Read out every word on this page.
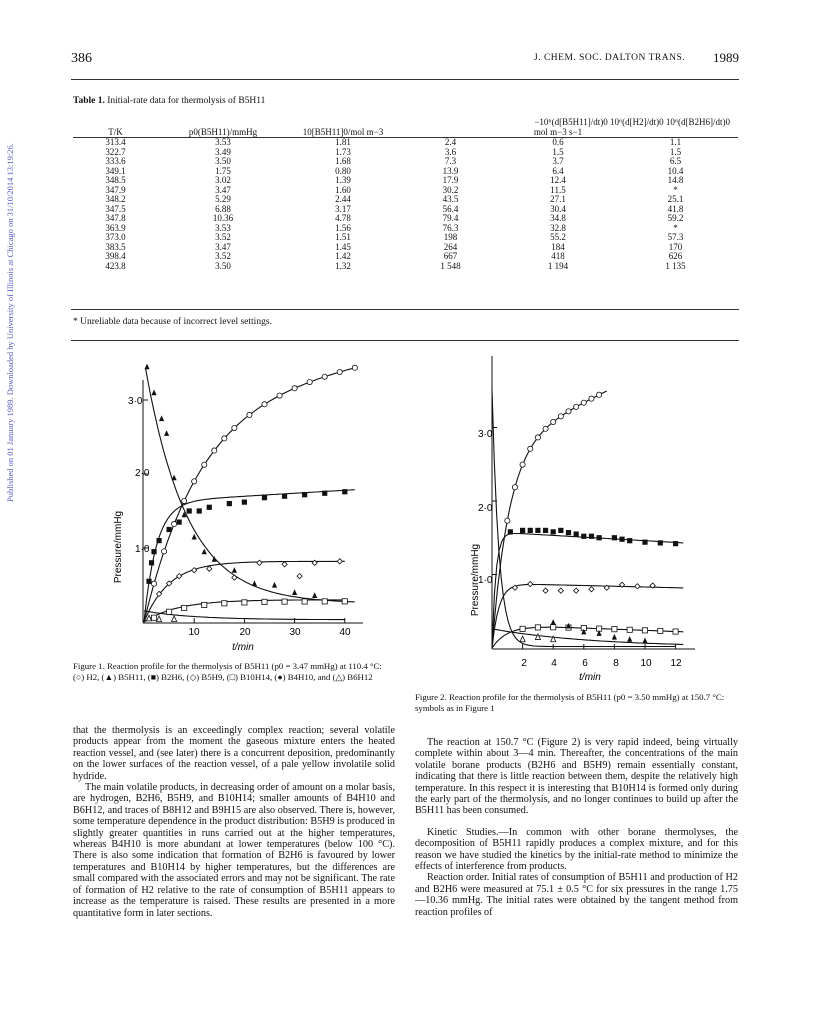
Published on 01 January 1989. Downloaded by University of Illinois at Chicago on 31/10/2014 13:19:26.
386	J. CHEM. SOC. DALTON TRANS. 1989
Table 1. Initial-rate data for thermolysis of B5H11
			−10⁶(d[B5H11]/dt)0 10⁶(d[H2]/dt)0 10⁶(d[B2H6]/dt)0		
T/K	p0(B5H11)/mmHg	10[B5H11]0/mol m−3		mol m−3 s−1	
313.4	3.53	1.81	2.4	0.6	1.1
322.7	3.49	1.73	3.6	1.5	1.5
333.6	3.50	1.68	7.3	3.7	6.5
349.1	1.75	0.80	13.9	6.4	10.4
348.5	3.02	1.39	17.9	12.4	14.8
347.9	3.47	1.60	30.2	11.5	*
348.2	5.29	2.44	43.5	27.1	25.1
347.5	6.88	3.17	56.4	30.4	41.8
347.8	10.36	4.78	79.4	34.8	59.2
363.9	3.53	1.56	76.3	32.8	*
373.0	3.52	1.51	198	55.2	57.3
383.5	3.47	1.45	264	184	170
398.4	3.52	1.42	667	418	626
423.8	3.50	1.32	1 548	1 194	1 135
* Unreliable data because of incorrect level settings.
Pressure/mmHg
t/min
1·0
2·0
3·0
10	20	30	40
Figure 1. Reaction profile for the thermolysis of B5H11 (p0 = 3.47 mmHg) at 110.4 °C: (○) H2, (▲) B5H11, (■) B2H6, (◇) B5H9, (□) B10H14, (●) B4H10, and (△) B6H12
Pressure/mmHg
t/min
1·0
2·0
3·0
2 4	6	8 10 12
Figure 2. Reaction profile for the thermolysis of B5H11 (p0 = 3.50 mmHg) at 150.7 °C: symbols as in Figure 1

that the thermolysis is an exceedingly complex reaction; several volatile products appear from the moment the gaseous mixture enters the heated reaction vessel, and (see later) there is a concurrent deposition, predominantly on the lower surfaces of the reaction vessel, of a pale yellow involatile solid hydride.

The main volatile products, in decreasing order of amount on a molar basis, are hydrogen, B2H6, B5H9, and B10H14; smaller amounts of B4H10 and B6H12, and traces of B8H12 and B9H15 are also observed. There is, however, some temperature dependence in the product distribution: B5H9 is produced in slightly greater quantities in runs carried out at the higher temperatures, whereas B4H10 is more abundant at lower temperatures (below 100 °C). There is also some indication that formation of B2H6 is favoured by lower temperatures and B10H14 by higher temperatures, but the differences are small compared with the associated errors and may not be significant. The rate of formation of H2 relative to the rate of consumption of B5H11 appears to increase as the temperature is raised. These results are presented in a more quantitative form in later sections.

The reaction at 150.7 °C (Figure 2) is very rapid indeed, being virtually complete within about 3—4 min. Thereafter, the concentrations of the main volatile borane products (B2H6 and B5H9) remain essentially constant, indicating that there is little reaction between them, despite the relatively high temperature. In this respect it is interesting that B10H14 is formed only during the early part of the thermolysis, and no longer continues to build up after the B5H11 has been consumed.

Kinetic Studies.—In common with other borane thermolyses, the decomposition of B5H11 rapidly produces a complex mixture, and for this reason we have studied the kinetics by the initial-rate method to minimize the effects of interference from products.

Reaction order. Initial rates of consumption of B5H11 and production of H2 and B2H6 were measured at 75.1 ± 0.5 °C for six pressures in the range 1.75—10.36 mmHg. The initial rates were obtained by the tangent method from reaction profiles of
